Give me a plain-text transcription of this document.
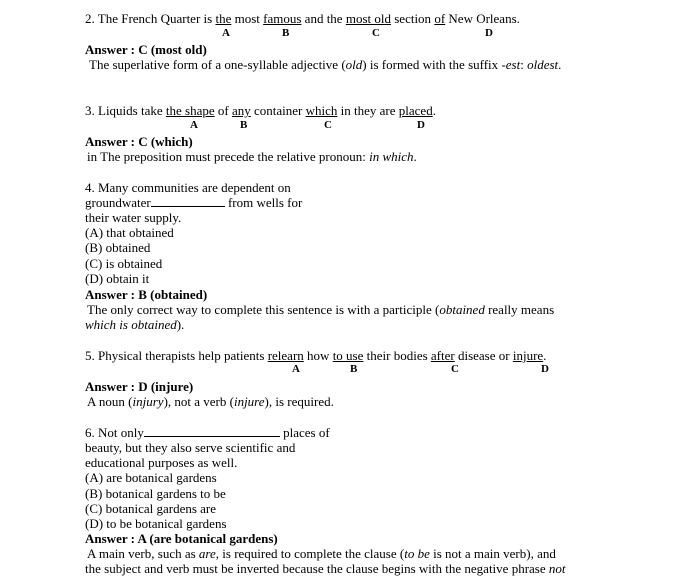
2. The French Quarter is the most famous and the most old section of New Orleans.
A	B	C	D
Answer : C (most old)
The superlative form of a one-syllable adjective (old) is formed with the suffix -est: oldest.
3. Liquids take the shape of any container which in they are placed.
A	B	C	D
Answer : C (which)
in The preposition must precede the relative pronoun: in which.
4. Many communities are dependent on
groundwater	from wells for
their water supply.
(A) that obtained
(B) obtained
(C) is obtained
(D) obtain it
Answer : B (obtained)
The only correct way to complete this sentence is with a participle (obtained really means
which is obtained).
5. Physical therapists help patients relearn how to use their bodies after disease or injure.
A	B	C	D
Answer : D (injure)
A noun (injury), not a verb (injure), is required.
6. Not only	places of
beauty, but they also serve scientific and
educational purposes as well.
(A) are botanical gardens
(B) botanical gardens to be
(C) botanical gardens are
(D) to be botanical gardens
Answer : A (are botanical gardens)
A main verb, such as are, is required to complete the clause (to be is not a main verb), and
the subject and verb must be inverted because the clause begins with the negative phrase not
